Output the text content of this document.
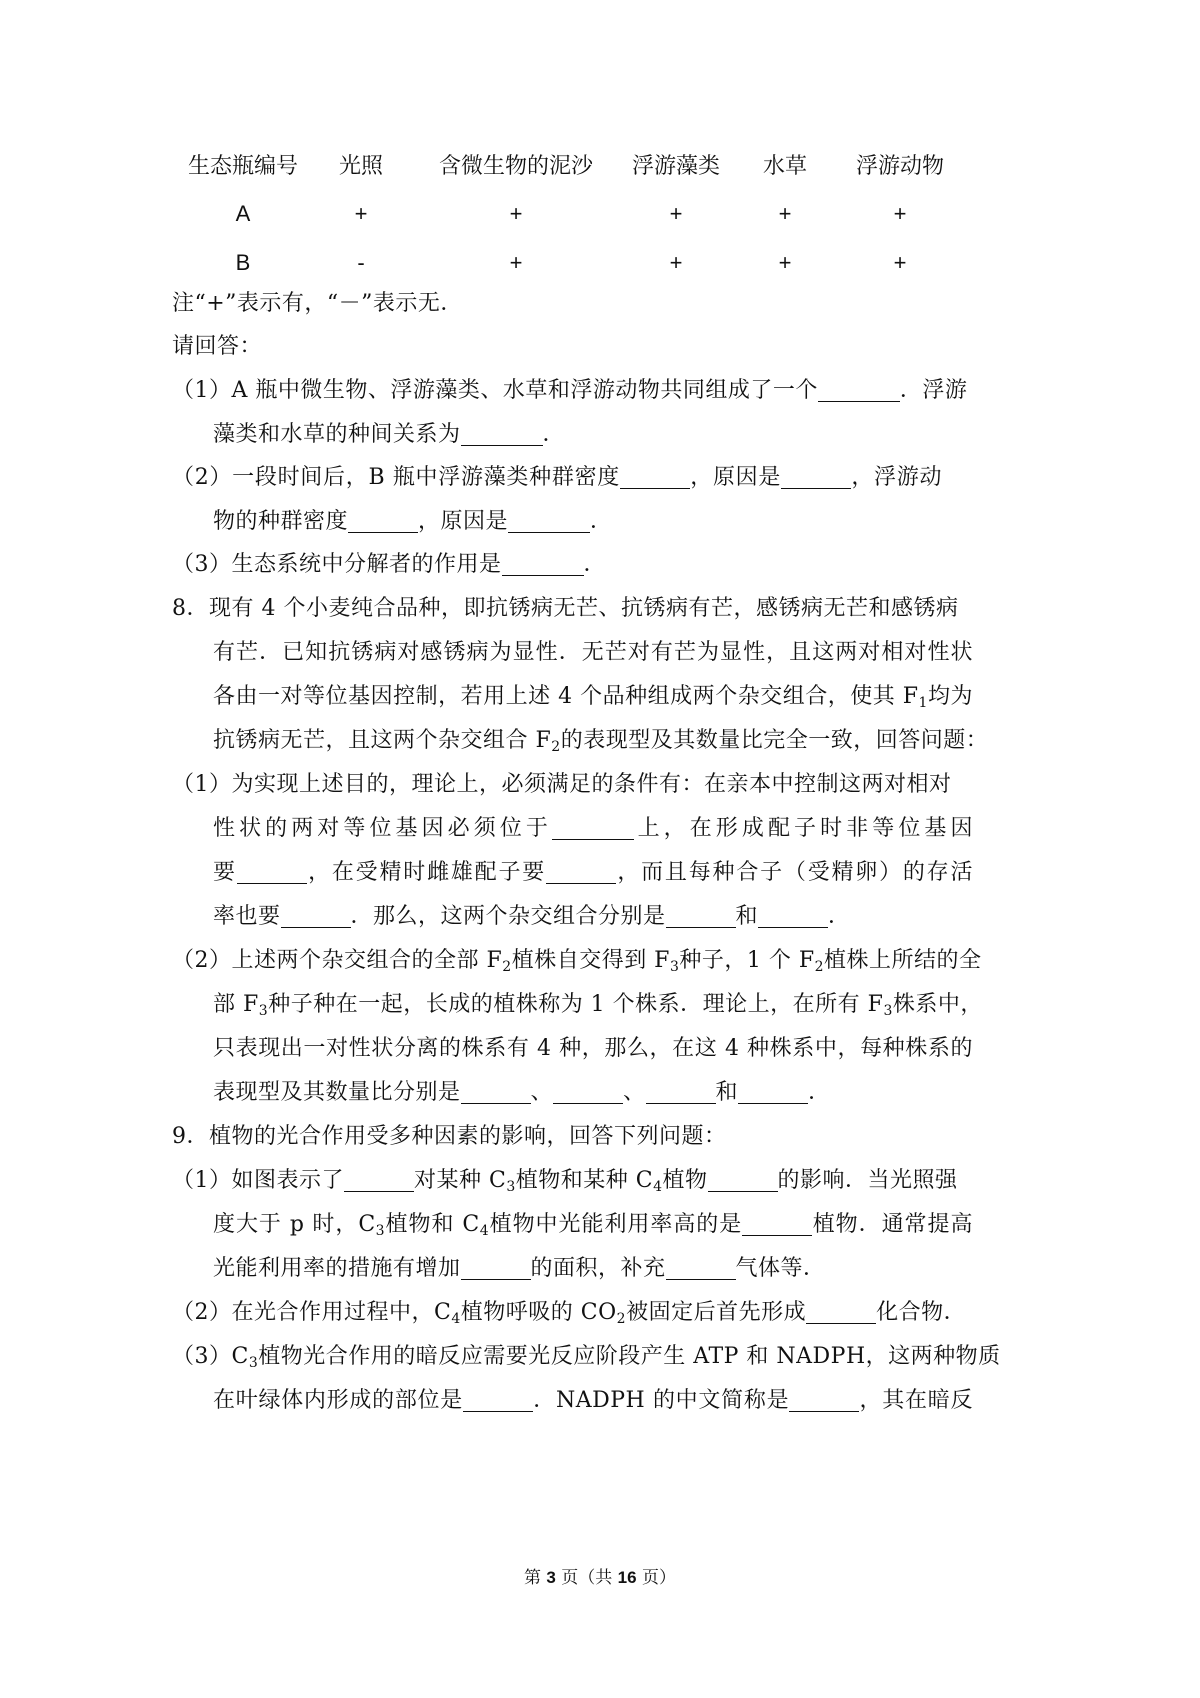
生态瓶编号	光照	含微生物的泥沙	浮游藻类	水草	浮游动物
A	+	+	+	+	+
B	-	+	+	+	+
注“+”表示有，“－”表示无．
请回答：
（1）A 瓶中微生物、浮游藻类、水草和浮游动物共同组成了一个	．浮游
藻类和水草的种间关系为	．
（2）一段时间后，B 瓶中浮游藻类种群密度	，原因是	，浮游动
物的种群密度	，原因是	．
（3）生态系统中分解者的作用是	．
8．现有 4 个小麦纯合品种，即抗锈病无芒、抗锈病有芒，感锈病无芒和感锈病
有芒．已知抗锈病对感锈病为显性．无芒对有芒为显性，且这两对相对性状
各由一对等位基因控制，若用上述 4 个品种组成两个杂交组合，使其 $F_1$均为
抗锈病无芒，且这两个杂交组合 $F_2$的表现型及其数量比完全一致，回答问题：
（1）为实现上述目的，理论上，必须满足的条件有：在亲本中控制这两对相对
性状的两对等位基因必须位于	上，在形成配子时非等位基因
要	，在受精时雌雄配子要	，而且每种合子（受精卵）的存活
率也要	．那么，这两个杂交组合分别是	和	．
（2）上述两个杂交组合的全部 $F_2$植株自交得到 $F_3$种子，1 个 $F_2$植株上所结的全
部 $F_3$种子种在一起，长成的植株称为 1 个株系．理论上，在所有 $F_3$株系中，
只表现出一对性状分离的株系有 4 种，那么，在这 4 种株系中，每种株系的
表现型及其数量比分别是	、	、	和	．
9．植物的光合作用受多种因素的影响，回答下列问题：
（1）如图表示了	对某种 $C_3$植物和某种 $C_4$植物	的影响．当光照强
度大于 p 时，$C_3$植物和 $C_4$植物中光能利用率高的是	植物．通常提高
光能利用率的措施有增加	的面积，补充	气体等．
（2）在光合作用过程中，$C_4$植物呼吸的 $CO_2$被固定后首先形成	化合物．
$(3)C_3$植物光合作用的暗反应需要光反应阶段产生 ATP 和 NADPH，这两种物质
在叶绿体内形成的部位是	．NADPH 的中文简称是	，其在暗反
第 3 页（共 16 页）
